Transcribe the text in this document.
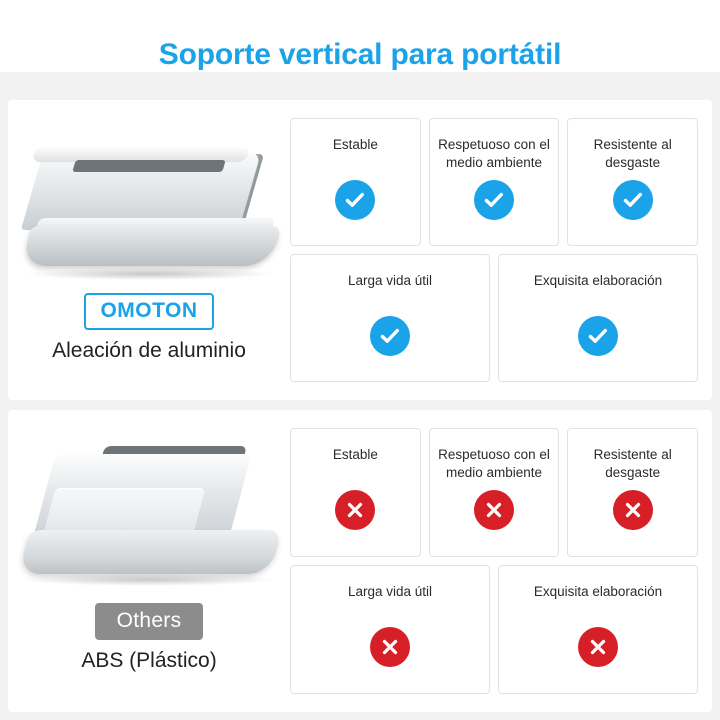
Soporte vertical para portátil
OMOTON
Aleación de aluminio
Estable	Respetuoso con el medio ambiente
Resistente al desgaste
Larga vida útil	Exquisita elaboración
Others
ABS (Plástico)
Estable	Respetuoso con el medio ambiente
Resistente al desgaste
Larga vida útil	Exquisita elaboración
